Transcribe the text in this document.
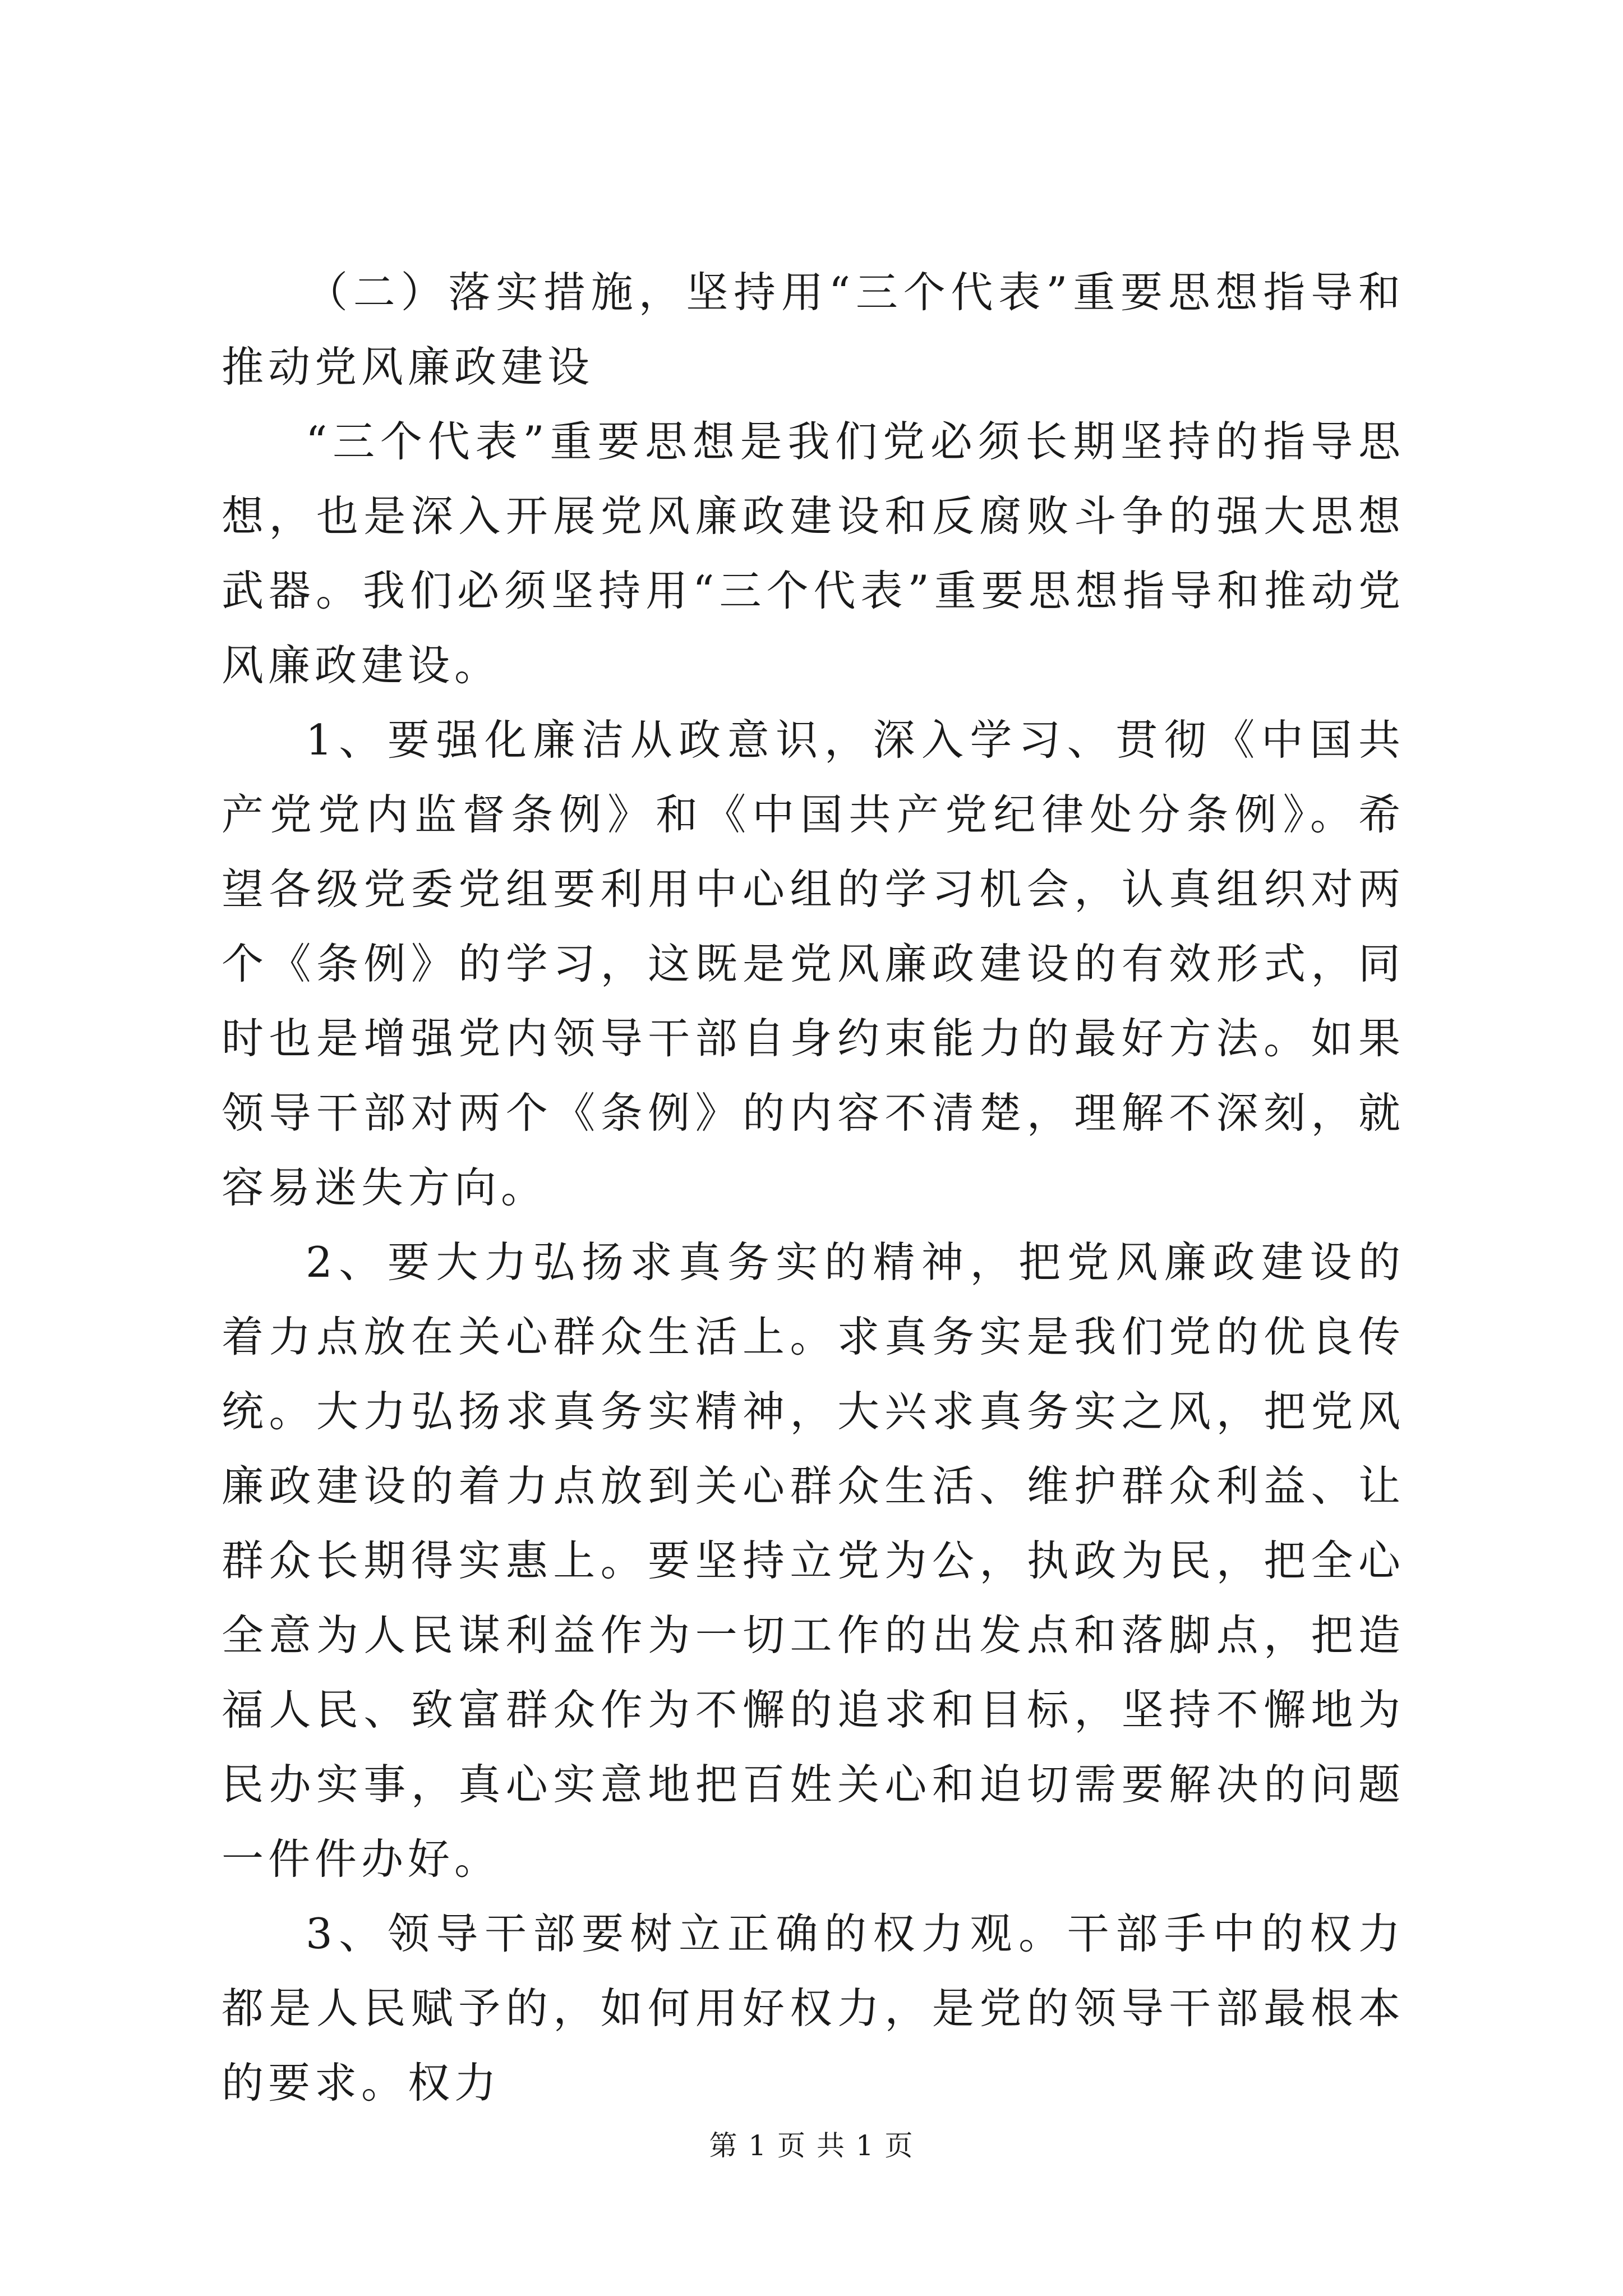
（二）落实措施，坚持用“三个代表”重要思想指导和推动党风廉政建设

“三个代表”重要思想是我们党必须长期坚持的指导思想，也是深入开展党风廉政建设和反腐败斗争的强大思想武器。我们必须坚持用“三个代表”重要思想指导和推动党风廉政建设。

1、要强化廉洁从政意识，深入学习、贯彻《中国共产党党内监督条例》和《中国共产党纪律处分条例》。希望各级党委党组要利用中心组的学习机会，认真组织对两个《条例》的学习，这既是党风廉政建设的有效形式，同时也是增强党内领导干部自身约束能力的最好方法。如果领导干部对两个《条例》的内容不清楚，理解不深刻，就容易迷失方向。

2、要大力弘扬求真务实的精神，把党风廉政建设的着力点放在关心群众生活上。求真务实是我们党的优良传统。大力弘扬求真务实精神，大兴求真务实之风，把党风廉政建设的着力点放到关心群众生活、维护群众利益、让群众长期得实惠上。要坚持立党为公，执政为民，把全心全意为人民谋利益作为一切工作的出发点和落脚点，把造福人民、致富群众作为不懈的追求和目标，坚持不懈地为民办实事，真心实意地把百姓关心和迫切需要解决的问题一件件办好。

3、领导干部要树立正确的权力观。干部手中的权力都是人民赋予的，如何用好权力，是党的领导干部最根本的要求。权力

第 1 页 共 1 页
